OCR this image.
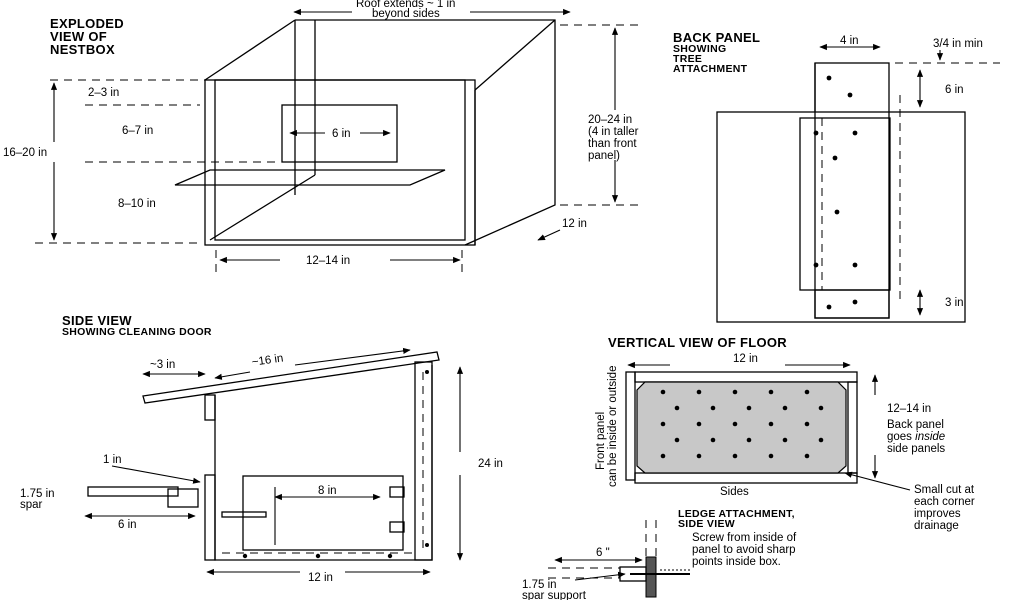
EXPLODED
VIEW OF
NESTBOX
Roof extends ~ 1 in
beyond sides
6 in
2–3 in
6–7 in
8–10 in
16–20 in
20–24 in
(4 in taller
than front
panel)
12 in
12–14 in
BACK PANEL
SHOWING
TREE
ATTACHMENT
4 in	3/4 in min
6 in
3 in
SIDE VIEW
SHOWING CLEANING DOOR
8 in
1.75 in
spar
1 in
6 in
~3 in	~16 in
24 in
12 in
VERTICAL VIEW OF FLOOR
12 in
Front panel can be inside or outside
Sides
12–14 in
Back panel
goes inside
side panels
Small cut at
each corner
improves
drainage
LEDGE ATTACHMENT,
SIDE VIEW
Screw from inside of
panel to avoid sharp
points inside box.
6 "
1.75 in
spar support
